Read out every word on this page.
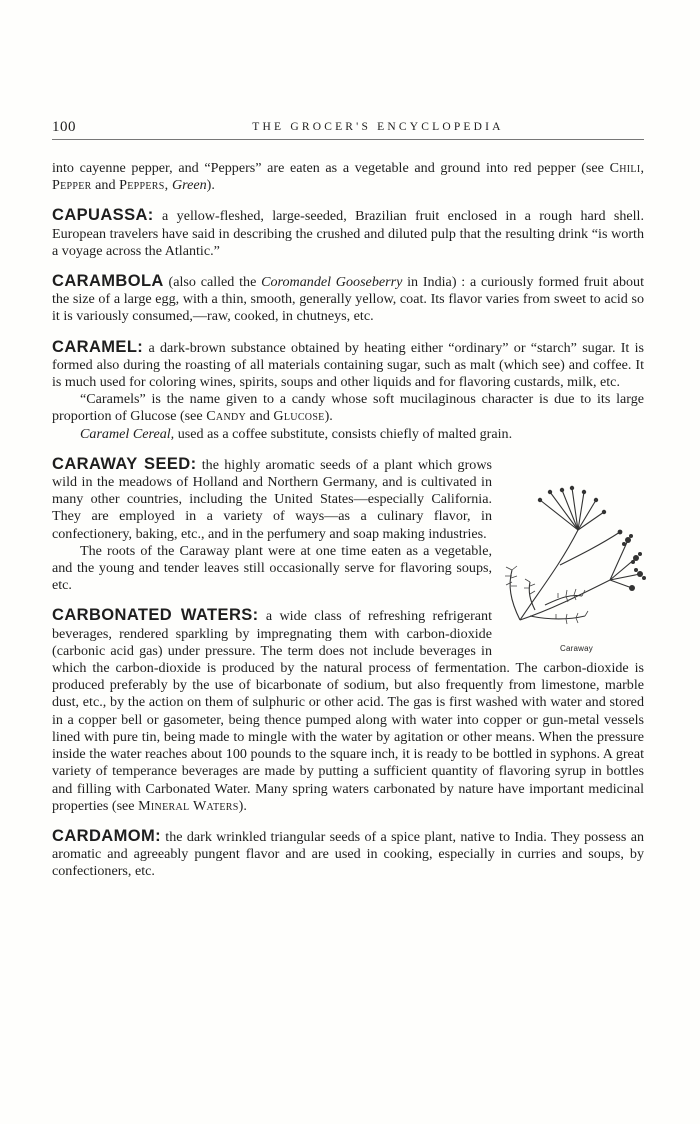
100	THE GROCER'S ENCYCLOPEDIA

into cayenne pepper, and “Peppers” are eaten as a vegetable and ground into red pepper (see Chili, Pepper and Peppers, Green).

CAPUASSA: a yellow-fleshed, large-seeded, Brazilian fruit enclosed in a rough hard shell. European travelers have said in describing the crushed and diluted pulp that the resulting drink “is worth a voyage across the Atlantic.”

CARAMBOLA (also called the Coromandel Gooseberry in India) : a curiously formed fruit about the size of a large egg, with a thin, smooth, generally yellow, coat. Its flavor varies from sweet to acid so it is variously consumed,—raw, cooked, in chutneys, etc.

CARAMEL: a dark-brown substance obtained by heating either “ordinary” or “starch” sugar. It is formed also during the roasting of all materials containing sugar, such as malt (which see) and coffee. It is much used for coloring wines, spirits, soups and other liquids and for flavoring custards, milk, etc.

“Caramels” is the name given to a candy whose soft mucilaginous character is due to its large proportion of Glucose (see Candy and Glucose).

Caramel Cereal, used as a coffee substitute, consists chiefly of malted grain.

Caraway

CARAWAY SEED: the highly aromatic seeds of a plant which grows wild in the meadows of Holland and Northern Germany, and is cultivated in many other countries, including the United States—especially California. They are employed in a variety of ways—as a culinary flavor, in confectionery, baking, etc., and in the perfumery and soap making industries.

The roots of the Caraway plant were at one time eaten as a vegetable, and the young and tender leaves still occasionally serve for flavoring soups, etc.

CARBONATED WATERS: a wide class of refreshing refrigerant beverages, rendered sparkling by impregnating them with carbon-dioxide (carbonic acid gas) under pressure. The term does not include beverages in which the carbon-dioxide is produced by the natural process of fermentation. The carbon-dioxide is produced preferably by the use of bicarbonate of sodium, but also frequently from limestone, marble dust, etc., by the action on them of sulphuric or other acid. The gas is first washed with water and stored in a copper bell or gasometer, being thence pumped along with water into copper or gun-metal vessels lined with pure tin, being made to mingle with the water by agitation or other means. When the pressure inside the water reaches about 100 pounds to the square inch, it is ready to be bottled in syphons. A great variety of temperance beverages are made by putting a sufficient quantity of flavoring syrup in bottles and filling with Carbonated Water. Many spring waters carbonated by nature have important medicinal properties (see Mineral Waters).

CARDAMOM: the dark wrinkled triangular seeds of a spice plant, native to India. They possess an aromatic and agreeably pungent flavor and are used in cooking, especially in curries and soups, by confectioners, etc.
